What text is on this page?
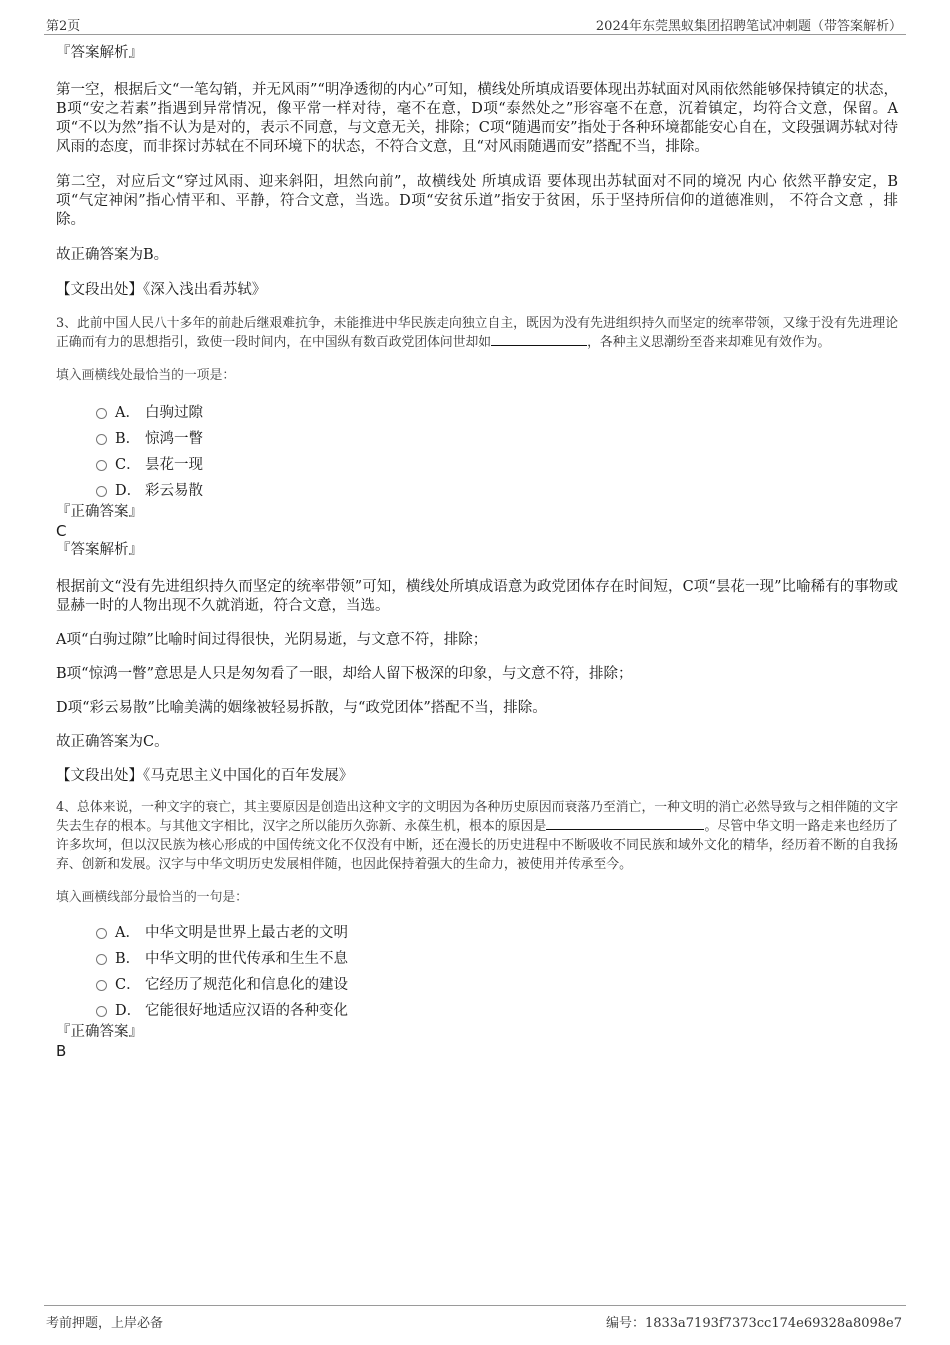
第2页	2024年东莞黑蚁集团招聘笔试冲刺题（带答案解析）

『答案解析』

第一空，根据后文“一笔勾销，并无风雨”“明净透彻的内心”可知，横线处所填成语要体现出苏轼面对风雨依然能够保持镇定的状态，B项“安之若素”指遇到异常情况，像平常一样对待，毫不在意，D项“泰然处之”形容毫不在意，沉着镇定，均符合文意，保留。A项“不以为然”指不认为是对的，表示不同意，与文意无关，排除；C项“随遇而安”指处于各种环境都能安心自在，文段强调苏轼对待风雨的态度，而非探讨苏轼在不同环境下的状态，不符合文意，且“对风雨随遇而安”搭配不当，排除。

第二空，对应后文“穿过风雨、迎来斜阳，坦然向前”，故横线处 所填成语 要体现出苏轼面对不同的境况 内心 依然平静安定，B项“气定神闲”指心情平和、平静，符合文意，当选。D项“安贫乐道”指安于贫困，乐于坚持所信仰的道德准则， 不符合文意 ，排除。

故正确答案为B。

【文段出处】《深入浅出看苏轼》

3、此前中国人民八十多年的前赴后继艰难抗争，未能推进中华民族走向独立自主，既因为没有先进组织持久而坚定的统率带领，又缘于没有先进理论正确而有力的思想指引，致使一段时间内，在中国纵有数百政党团体问世却如	，各种主义思潮纷至沓来却难见有效作为。

填入画横线处最恰当的一项是：

A． 白驹过隙
B． 惊鸿一瞥
C． 昙花一现
D． 彩云易散

『正确答案』

C

『答案解析』

根据前文“没有先进组织持久而坚定的统率带领”可知，横线处所填成语意为政党团体存在时间短，C项“昙花一现”比喻稀有的事物或显赫一时的人物出现不久就消逝，符合文意，当选。

A项“白驹过隙”比喻时间过得很快，光阴易逝，与文意不符，排除；

B项“惊鸿一瞥”意思是人只是匆匆看了一眼，却给人留下极深的印象，与文意不符，排除；

D项“彩云易散”比喻美满的姻缘被轻易拆散，与“政党团体”搭配不当，排除。

故正确答案为C。

【文段出处】《马克思主义中国化的百年发展》

4、总体来说，一种文字的衰亡，其主要原因是创造出这种文字的文明因为各种历史原因而衰落乃至消亡，一种文明的消亡必然导致与之相伴随的文字失去生存的根本。与其他文字相比，汉字之所以能历久弥新、永葆生机，根本的原因是	。尽管中华文明一路走来也经历了许多坎坷，但以汉民族为核心形成的中国传统文化不仅没有中断，还在漫长的历史进程中不断吸收不同民族和域外文化的精华，经历着不断的自我扬弃、创新和发展。汉字与中华文明历史发展相伴随，也因此保持着强大的生命力，被使用并传承至今。

填入画横线部分最恰当的一句是：

A． 中华文明是世界上最古老的文明
B． 中华文明的世代传承和生生不息
C． 它经历了规范化和信息化的建设
D． 它能很好地适应汉语的各种变化

『正确答案』

B

考前押题，上岸必备	编号：1833a7193f7373cc174e69328a8098e7
